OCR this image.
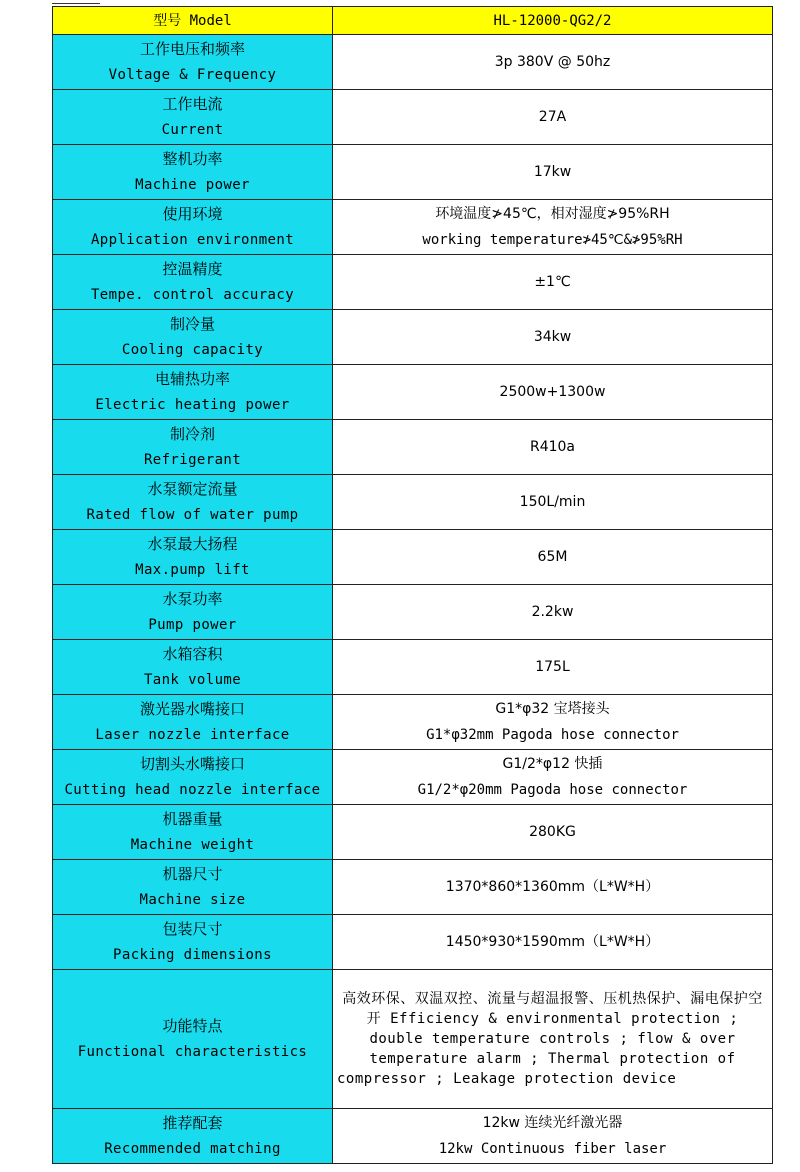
型号 Model	HL-12000-QG2/2

工作电压和频率
Voltage & Frequency	3p 380V @ 50hz

工作电流
Current	27A

整机功率
Machine power	17kw

使用环境
Application environment	环境温度≯45℃，相对湿度≯95%RH
working temperature≯45℃&≯95%RH

控温精度
Tempe. control accuracy	±1℃

制冷量
Cooling capacity	34kw

电辅热功率
Electric heating power	2500w+1300w

制冷剂
Refrigerant	R410a

水泵额定流量
Rated flow of water pump	150L/min

水泵最大扬程
Max.pump lift	65M

水泵功率
Pump power	2.2kw

水箱容积
Tank volume	175L

激光器水嘴接口
Laser nozzle interface	G1*φ32 宝塔接头
G1*φ32mm Pagoda hose connector

切割头水嘴接口
Cutting head nozzle interface	G1/2*φ12 快插
G1/2*φ20mm Pagoda hose connector

机器重量
Machine weight	280KG

机器尺寸
Machine size	1370*860*1360mm（L*W*H）

包装尺寸
Packing dimensions	1450*930*1590mm（L*W*H）

功能特点
Functional characteristics	高效环保、双温双控、流量与超温报警、压机热保护、漏电保护空开 Efficiency & environmental protection ; double temperature controls ; flow & over temperature alarm ; Thermal protection of compressor ; Leakage protection device

推荐配套
Recommended matching	12kw 连续光纤激光器
12kw Continuous fiber laser
